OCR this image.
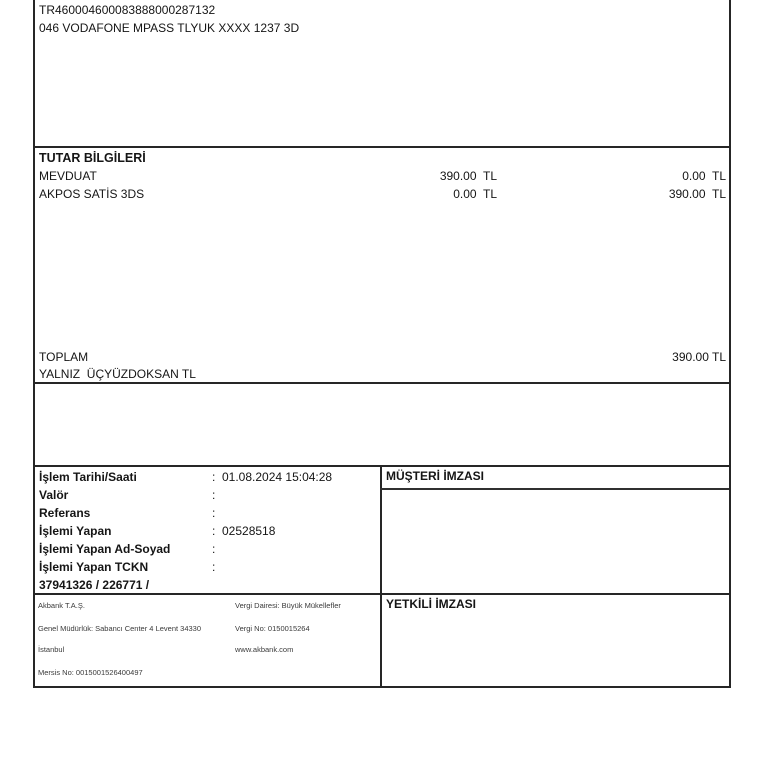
TR460004600083888000287132
046 VODAFONE MPASS TLYUK XXXX 1237 3D
TUTAR BİLGİLERİ
MEVDUAT	390.00  TL	0.00  TL
AKPOS SATİS 3DS	0.00  TL	390.00  TL
TOPLAM	390.00 TL
YALNIZ  ÜÇYÜZDOKSAN TL
İşlem Tarihi/Saati	: 01.08.2024 15:04:28
Valör	:
Referans	:
İşlemi Yapan	: 02528518
İşlemi Yapan Ad-Soyad	:
İşlemi Yapan TCKN	:
37941326 / 226771 /
MÜŞTERİ İMZASI
YETKİLİ İMZASI
Akbank T.A.Ş.
Genel Müdürlük: Sabancı Center 4 Levent 34330
İstanbul
Mersis No: 0015001526400497
Vergi Dairesi: Büyük Mükellefler
Vergi No: 0150015264
www.akbank.com
